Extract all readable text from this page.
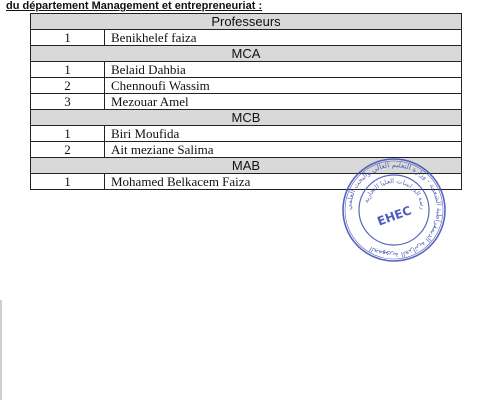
du département Management et entrepreneuriat :
Professeurs	
1	Benikhelef faiza
MCA	
1	Belaid Dahbia
2	Chennoufi Wassim
3	Mezouar Amel
MCB	
1	Biri Moufida
2	Ait meziane Salima
MAB	
1	Mohamed Belkacem Faiza
الجمهورية الجزائرية الديمقراطية الشعبية - وزارة التعليم العالي والبحث العلمي
رسة الدراسات العليا التجارية
EHEC
